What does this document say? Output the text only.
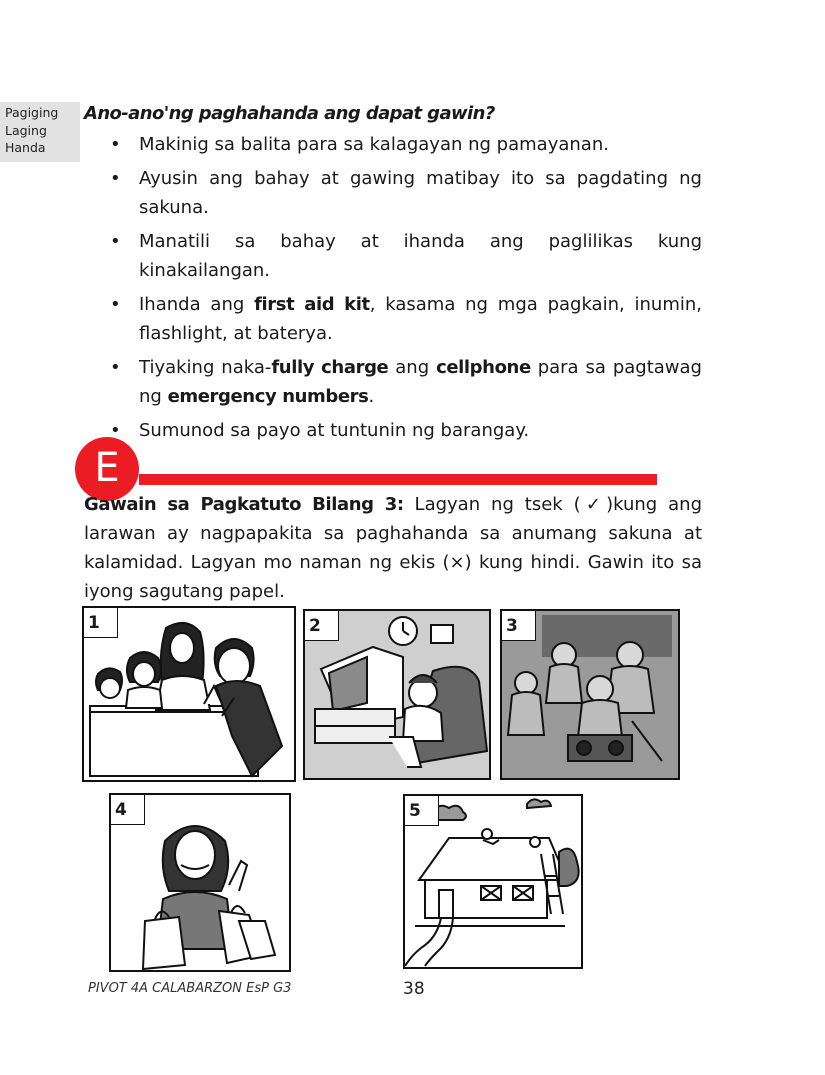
Pagiging
Laging
Handa
Ano-ano'ng paghahanda ang dapat gawin?
• Makinig sa balita para sa kalagayan ng pamayanan.
• Ayusin ang bahay at gawing matibay ito sa pagdating ng sakuna.
• Manatili sa bahay at ihanda ang paglilikas kung kinakailangan.
• Ihanda ang first aid kit, kasama ng mga pagkain, inumin, flashlight, at baterya.
• Tiyaking naka-fully charge ang cellphone para sa pagtawag ng emergency numbers.
• Sumunod sa payo at tuntunin ng barangay.
E

Gawain sa Pagkatuto Bilang 3: Lagyan ng tsek (✓)kung ang larawan ay nagpapakita sa paghahanda sa anumang sakuna at kalamidad. Lagyan mo naman ng ekis (×) kung hindi. Gawin ito sa iyong sagutang papel.

1	2	3
4	5
PIVOT 4A CALABARZON EsP G3	38
